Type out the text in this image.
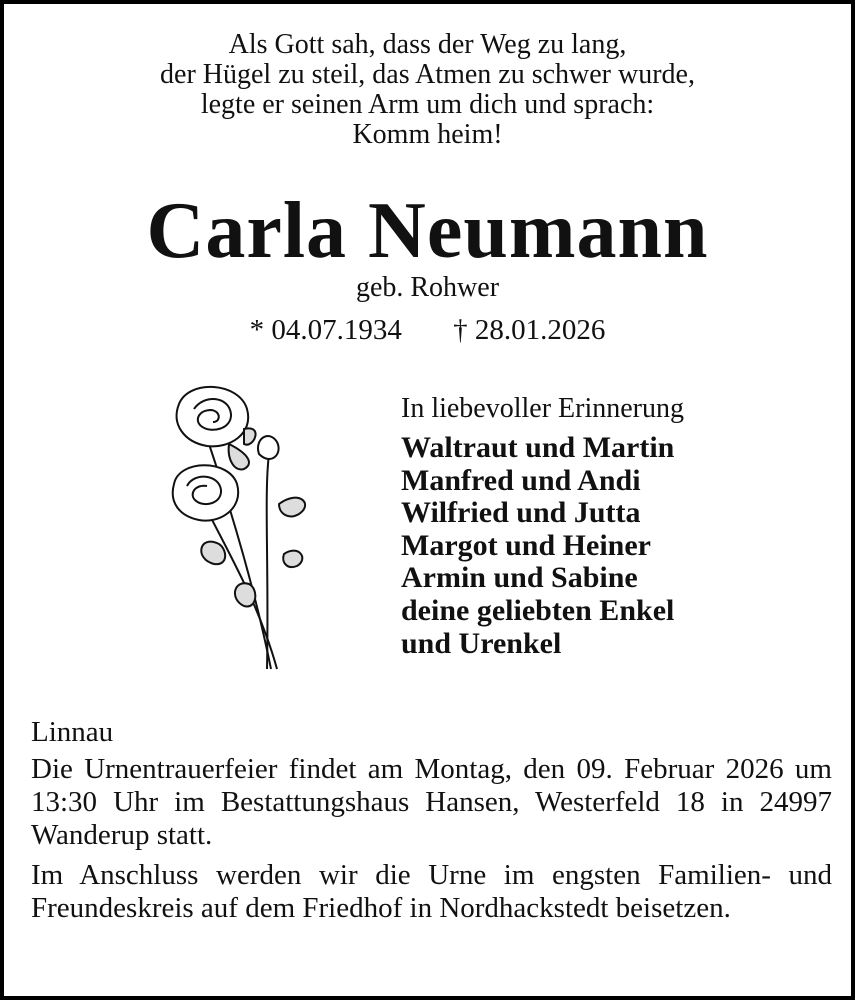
Als Gott sah, dass der Weg zu lang,
der Hügel zu steil, das Atmen zu schwer wurde,
legte er seinen Arm um dich und sprach:
Komm heim!
Carla Neumann
geb. Rohwer
* 04.07.1934 † 28.01.2026
In liebevoller Erinnerung
Waltraut und Martin
Manfred und Andi
Wilfried und Jutta
Margot und Heiner
Armin und Sabine
deine geliebten Enkel
und Urenkel
Linnau

Die Urnentrauerfeier findet am Montag, den 09. Februar 2026 um 13:30 Uhr im Bestattungshaus Hansen, Westerfeld 18 in 24997 Wanderup statt.

Im Anschluss werden wir die Urne im engsten Familien- und Freundeskreis auf dem Friedhof in Nordhackstedt beisetzen.
